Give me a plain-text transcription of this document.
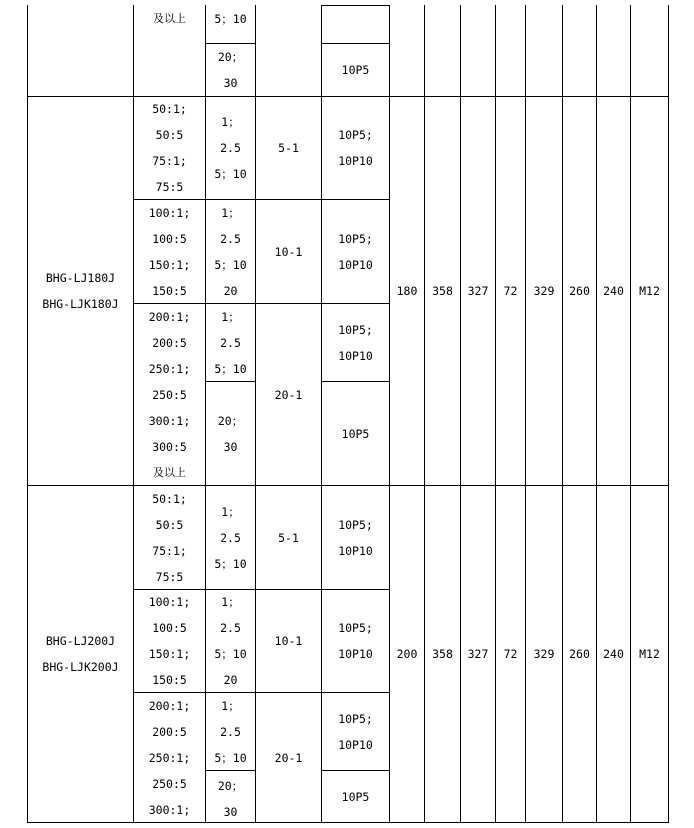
及以上 5；10
20；
30
10P5
BHG-LJ180J
BHG-LJK180J
180 358 327 72 329 260 240 M12
50:1;
50:5
75:1;
75:5
5-1
1；
2.5
5；10
10P5;
10P10
100:1;
100:5
150:1;
150:5
10-1
1；
2.5
5；10
20
10P5;
10P10
200:1;
200:5
250:1;
250:5
300:1;
300:5
及以上
20-1
1；
2.5
5；10
10P5;
10P10
20；
30
10P5
BHG-LJ200J
BHG-LJK200J
200 358 327 72 329 260 240 M12
50:1;
50:5
75:1;
75:5
5-1
1；
2.5
5；10
10P5;
10P10
100:1;
100:5
150:1;
150:5
10-1
1；
2.5
5；10
20
10P5;
10P10
200:1;
200:5
250:1;
250:5
300:1;
20-1
1；
2.5
5；10
10P5;
10P10
20；
30
10P5
